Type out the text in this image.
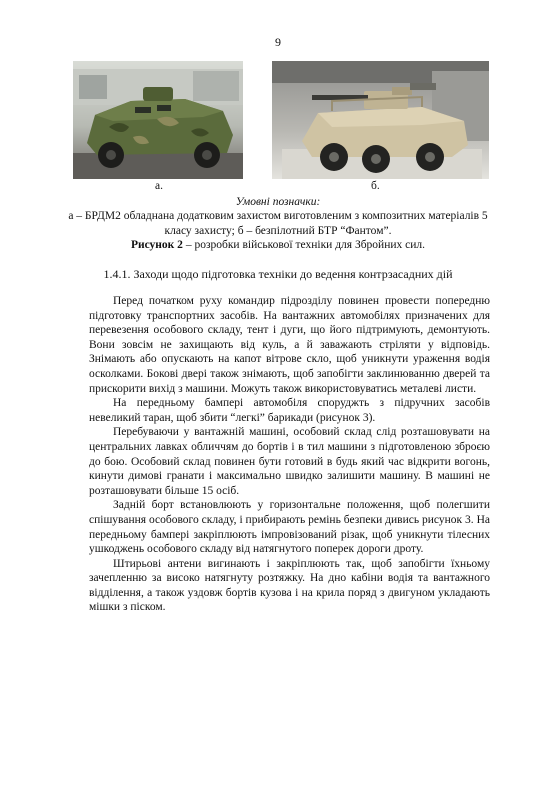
9
а.	б.
Умовні позначки:
а – БРДМ2 обладнана додатковим захистом виготовленим з композитних матеріалів 5 класу захисту; б – безпілотний БТР “Фантом”.
Рисунок 2 – розробки військової техніки для Збройних сил.
1.4.1. Заходи щодо підготовка техніки до ведення контрзасадних дій

Перед початком руху командир підрозділу повинен провести попередню підготовку транспортних засобів. На вантажних автомобілях призначених для перевезення особового складу, тент і дуги, що його підтримують, демонтують. Вони зовсім не захищають від куль, а й заважають стріляти у відповідь. Знімають або опускають на капот вітрове скло, щоб уникнути ураження водія осколками. Бокові двері також знімають, щоб запобігти заклинюванню дверей та прискорити вихід з машини. Можуть також використовуватись металеві листи.

На передньому бампері автомобіля споруджть з підручних засобів невеликий таран, щоб збити “легкі” барикади (рисунок 3).

Перебуваючи у вантажній машині, особовий склад слід розташовувати на центральних лавках обличчям до бортів і в тил машини з підготовленою зброєю до бою. Особовий склад повинен бути готовий в будь який час відкрити вогонь, кинути димові гранати і максимально швидко залишити машину. В машині не розташовувати більше 15 осіб.

Задній борт встановлюють у горизонтальне положення, щоб полегшити спішування особового складу, і прибирають ремінь безпеки дивись рисунок 3. На передньому бампері закріплюють імпровізований різак, щоб уникнути тілесних ушкоджень особового складу від натягнутого поперек дороги дроту.

Штирьові антени вигинають і закріплюють так, щоб запобігти їхньому зачепленню за високо натягнуту розтяжку. На дно кабіни водія та вантажного відділення, а також уздовж бортів кузова і на крила поряд з двигуном укладають мішки з піском.
